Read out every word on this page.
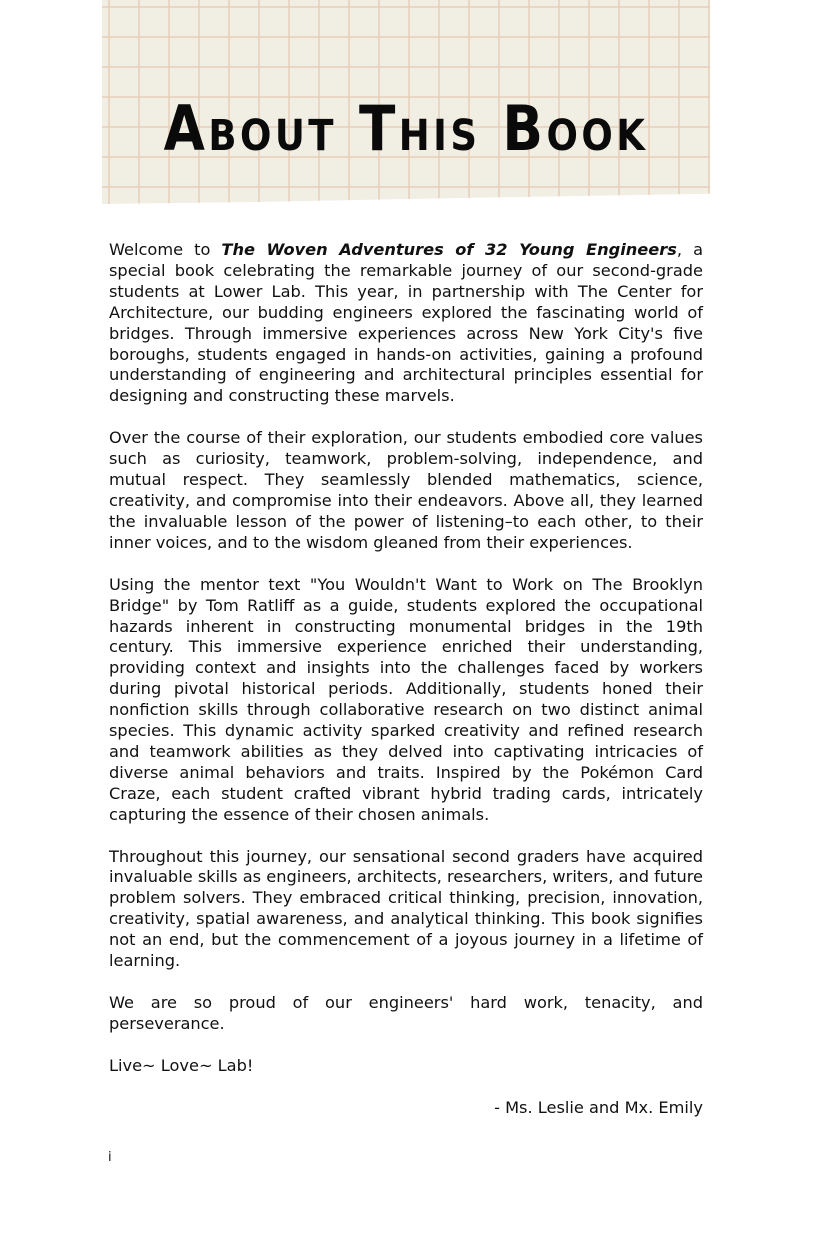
About This Book

Welcome to The Woven Adventures of 32 Young Engineers, a special book celebrating the remarkable journey of our second-grade students at Lower Lab. This year, in partnership with The Center for Architecture, our budding engineers explored the fascinating world of bridges. Through immersive experiences across New York City's five boroughs, students engaged in hands-on activities, gaining a profound understanding of engineering and architectural principles essential for designing and constructing these marvels.

Over the course of their exploration, our students embodied core values such as curiosity, teamwork, problem-solving, independence, and mutual respect. They seamlessly blended mathematics, science, creativity, and compromise into their endeavors. Above all, they learned the invaluable lesson of the power of listening–to each other, to their inner voices, and to the wisdom gleaned from their experiences.

Using the mentor text "You Wouldn't Want to Work on The Brooklyn Bridge" by Tom Ratliff as a guide, students explored the occupational hazards inherent in constructing monumental bridges in the 19th century. This immersive experience enriched their understanding, providing context and insights into the challenges faced by workers during pivotal historical periods. Additionally, students honed their nonfiction skills through collaborative research on two distinct animal species. This dynamic activity sparked creativity and refined research and teamwork abilities as they delved into captivating intricacies of diverse animal behaviors and traits. Inspired by the Pokémon Card Craze, each student crafted vibrant hybrid trading cards, intricately capturing the essence of their chosen animals.

Throughout this journey, our sensational second graders have acquired invaluable skills as engineers, architects, researchers, writers, and future problem solvers. They embraced critical thinking, precision, innovation, creativity, spatial awareness, and analytical thinking. This book signifies not an end, but the commencement of a joyous journey in a lifetime of learning.

We are so proud of our engineers' hard work, tenacity, and perseverance.

Live~ Love~ Lab!

- Ms. Leslie and Mx. Emily

i
